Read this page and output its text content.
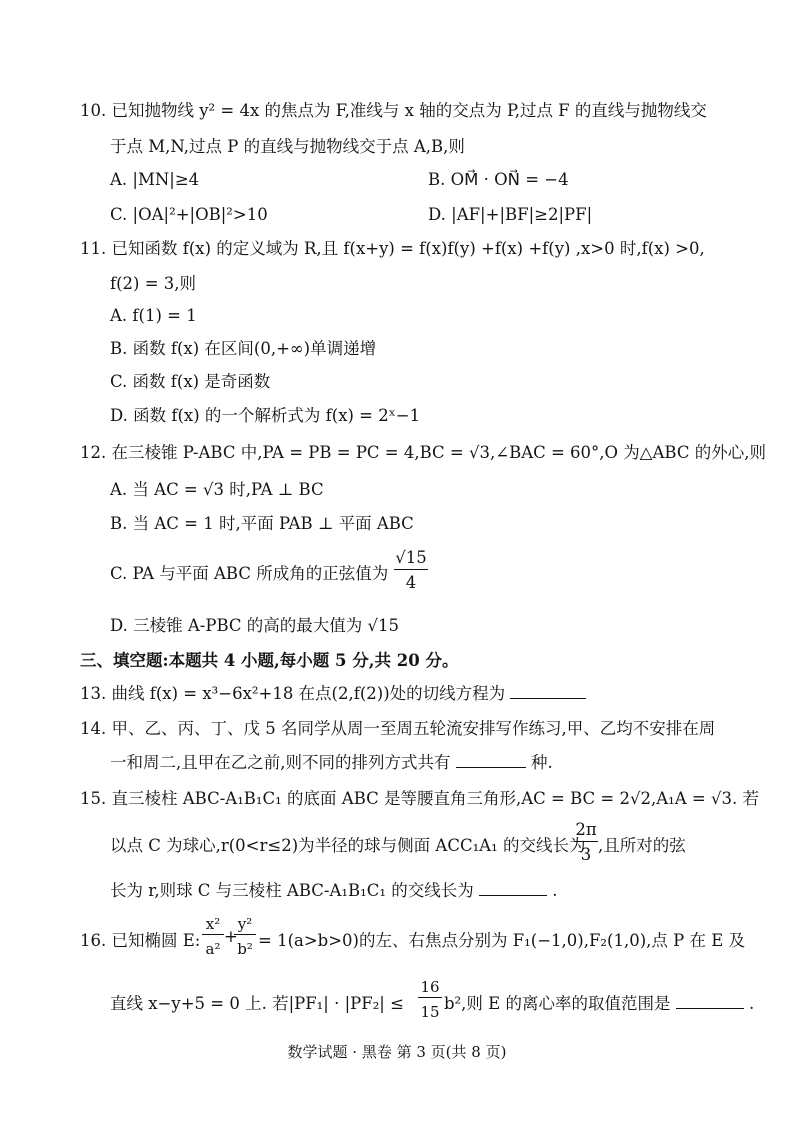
10. 已知抛物线 y² = 4x 的焦点为 F,准线与 x 轴的交点为 P,过点 F 的直线与抛物线交
于点 M,N,过点 P 的直线与抛物线交于点 A,B,则
A. |MN|≥4	B. OM⃗ · ON⃗ = −4
C. |OA|²+|OB|²>10	D. |AF|+|BF|≥2|PF|
11. 已知函数 f(x) 的定义域为 R,且 f(x+y) = f(x)f(y) +f(x) +f(y) ,x>0 时,f(x) >0,
f(2) = 3,则
A. f(1) = 1
B. 函数 f(x) 在区间(0,+∞)单调递增
C. 函数 f(x) 是奇函数
D. 函数 f(x) 的一个解析式为 f(x) = 2ˣ−1
12. 在三棱锥 P-ABC 中,PA = PB = PC = 4,BC = √3,∠BAC = 60°,O 为△ABC 的外心,则
A. 当 AC = √3 时,PA ⊥ BC
B. 当 AC = 1 时,平面 PAB ⊥ 平面 ABC
C. PA 与平面 ABC 所成角的正弦值为
√15
4
D. 三棱锥 A-PBC 的高的最大值为 √15
三、填空题:本题共 4 小题,每小题 5 分,共 20 分。
13. 曲线 f(x) = x³−6x²+18 在点(2,f(2))处的切线方程为
14. 甲、乙、丙、丁、戊 5 名同学从周一至周五轮流安排写作练习,甲、乙均不安排在周
一和周二,且甲在乙之前,则不同的排列方式共有	种.
15. 直三棱柱 ABC-A₁B₁C₁ 的底面 ABC 是等腰直角三角形,AC = BC = 2√2,A₁A = √3. 若
以点 C 为球心,r(0<r≤2)为半径的球与侧面 ACC₁A₁ 的交线长为
2π
3 ,且所对的弦
长为 r,则球 C 与三棱柱 ABC-A₁B₁C₁ 的交线长为	.
16. 已知椭圆 E:
x²
a²
+
y²
b² = 1(a>b>0)的左、右焦点分别为 F₁(−1,0),F₂(1,0),点 P 在 E 及
直线 x−y+5 = 0 上. 若|PF₁| · |PF₂| ≤
16
15 b²,则 E 的离心率的取值范围是	.
数学试题 · 黑卷 第 3 页(共 8 页)
